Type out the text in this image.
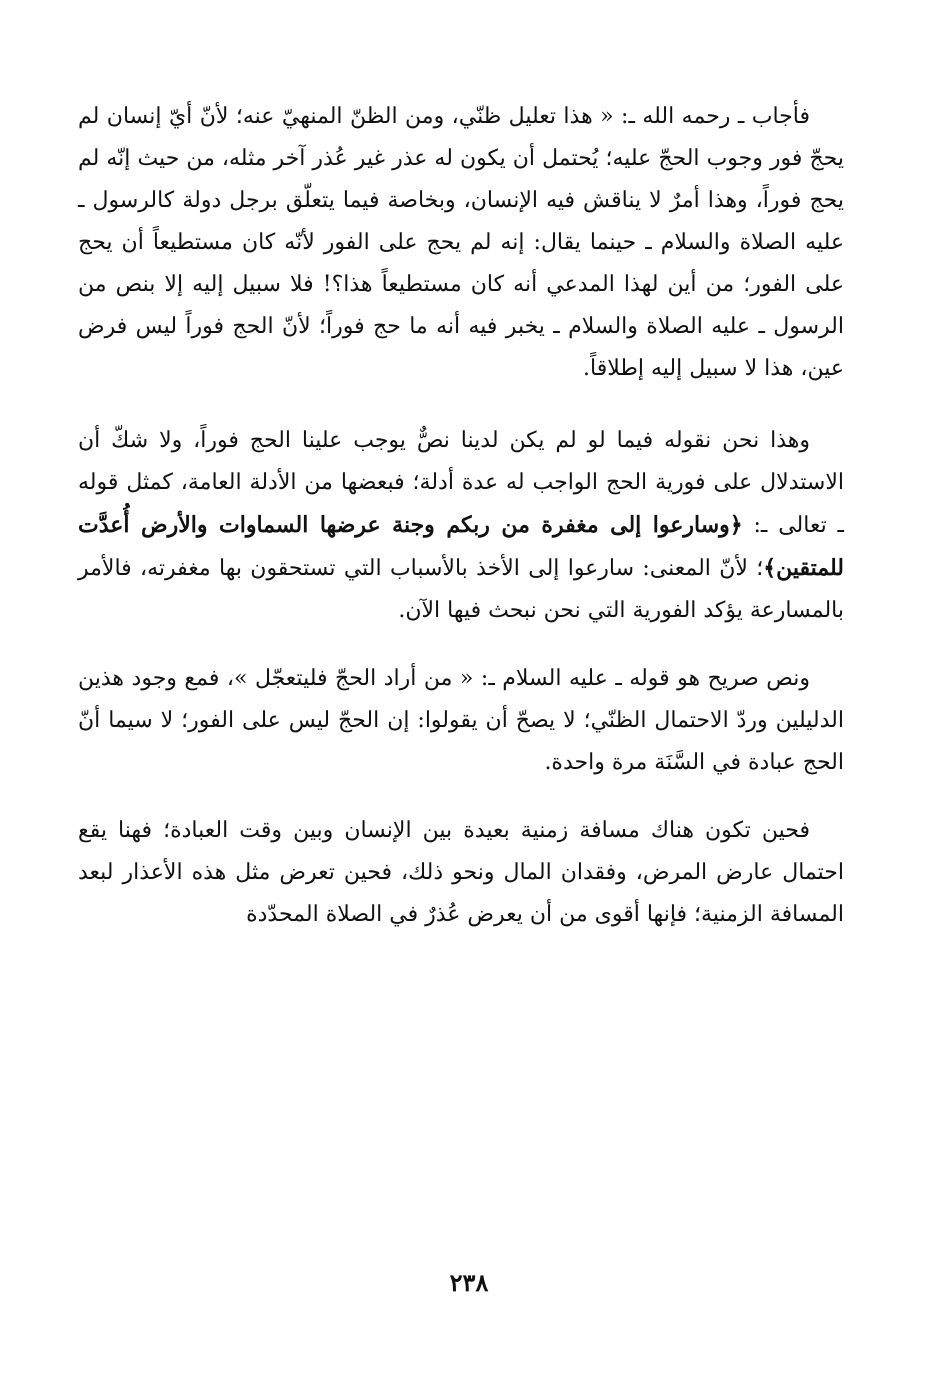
فأجاب ـ رحمه الله ـ: « هذا تعليل ظنّي، ومن الظنّ المنهيّ عنه؛ لأنّ أيّ إنسان لم يحجّ فور وجوب الحجّ عليه؛ يُحتمل أن يكون له عذر غير عُذر آخر مثله، من حيث إنّه لم يحج فوراً، وهذا أمرٌ لا يناقش فيه الإنسان، وبخاصة فيما يتعلّق برجل دولة كالرسول ـ عليه الصلاة والسلام ـ حينما يقال: إنه لم يحج على الفور لأنّه كان مستطيعاً أن يحج على الفور؛ من أين لهذا المدعي أنه كان مستطيعاً هذا؟! فلا سبيل إليه إلا بنص من الرسول ـ عليه الصلاة والسلام ـ يخبر فيه أنه ما حج فوراً؛ لأنّ الحج فوراً ليس فرض عين، هذا لا سبيل إليه إطلاقاً.

وهذا نحن نقوله فيما لو لم يكن لدينا نصٌّ يوجب علينا الحج فوراً، ولا شكّ أن الاستدلال على فورية الحج الواجب له عدة أدلة؛ فبعضها من الأدلة العامة، كمثل قوله ـ تعالى ـ: ﴿وسارعوا إلى مغفرة من ربكم وجنة عرضها السماوات والأرض أُعدَّت للمتقين﴾؛ لأنّ المعنى: سارعوا إلى الأخذ بالأسباب التي تستحقون بها مغفرته، فالأمر بالمسارعة يؤكد الفورية التي نحن نبحث فيها الآن.

ونص صريح هو قوله ـ عليه السلام ـ: « من أراد الحجّ فليتعجّل »، فمع وجود هذين الدليلين وردّ الاحتمال الظنّي؛ لا يصحّ أن يقولوا: إن الحجّ ليس على الفور؛ لا سيما أنّ الحج عبادة في السَّنَة مرة واحدة.

فحين تكون هناك مسافة زمنية بعيدة بين الإنسان وبين وقت العبادة؛ فهنا يقع احتمال عارض المرض، وفقدان المال ونحو ذلك، فحين تعرض مثل هذه الأعذار لبعد المسافة الزمنية؛ فإنها أقوى من أن يعرض عُذرٌ في الصلاة المحدّدة

٢٣٨
